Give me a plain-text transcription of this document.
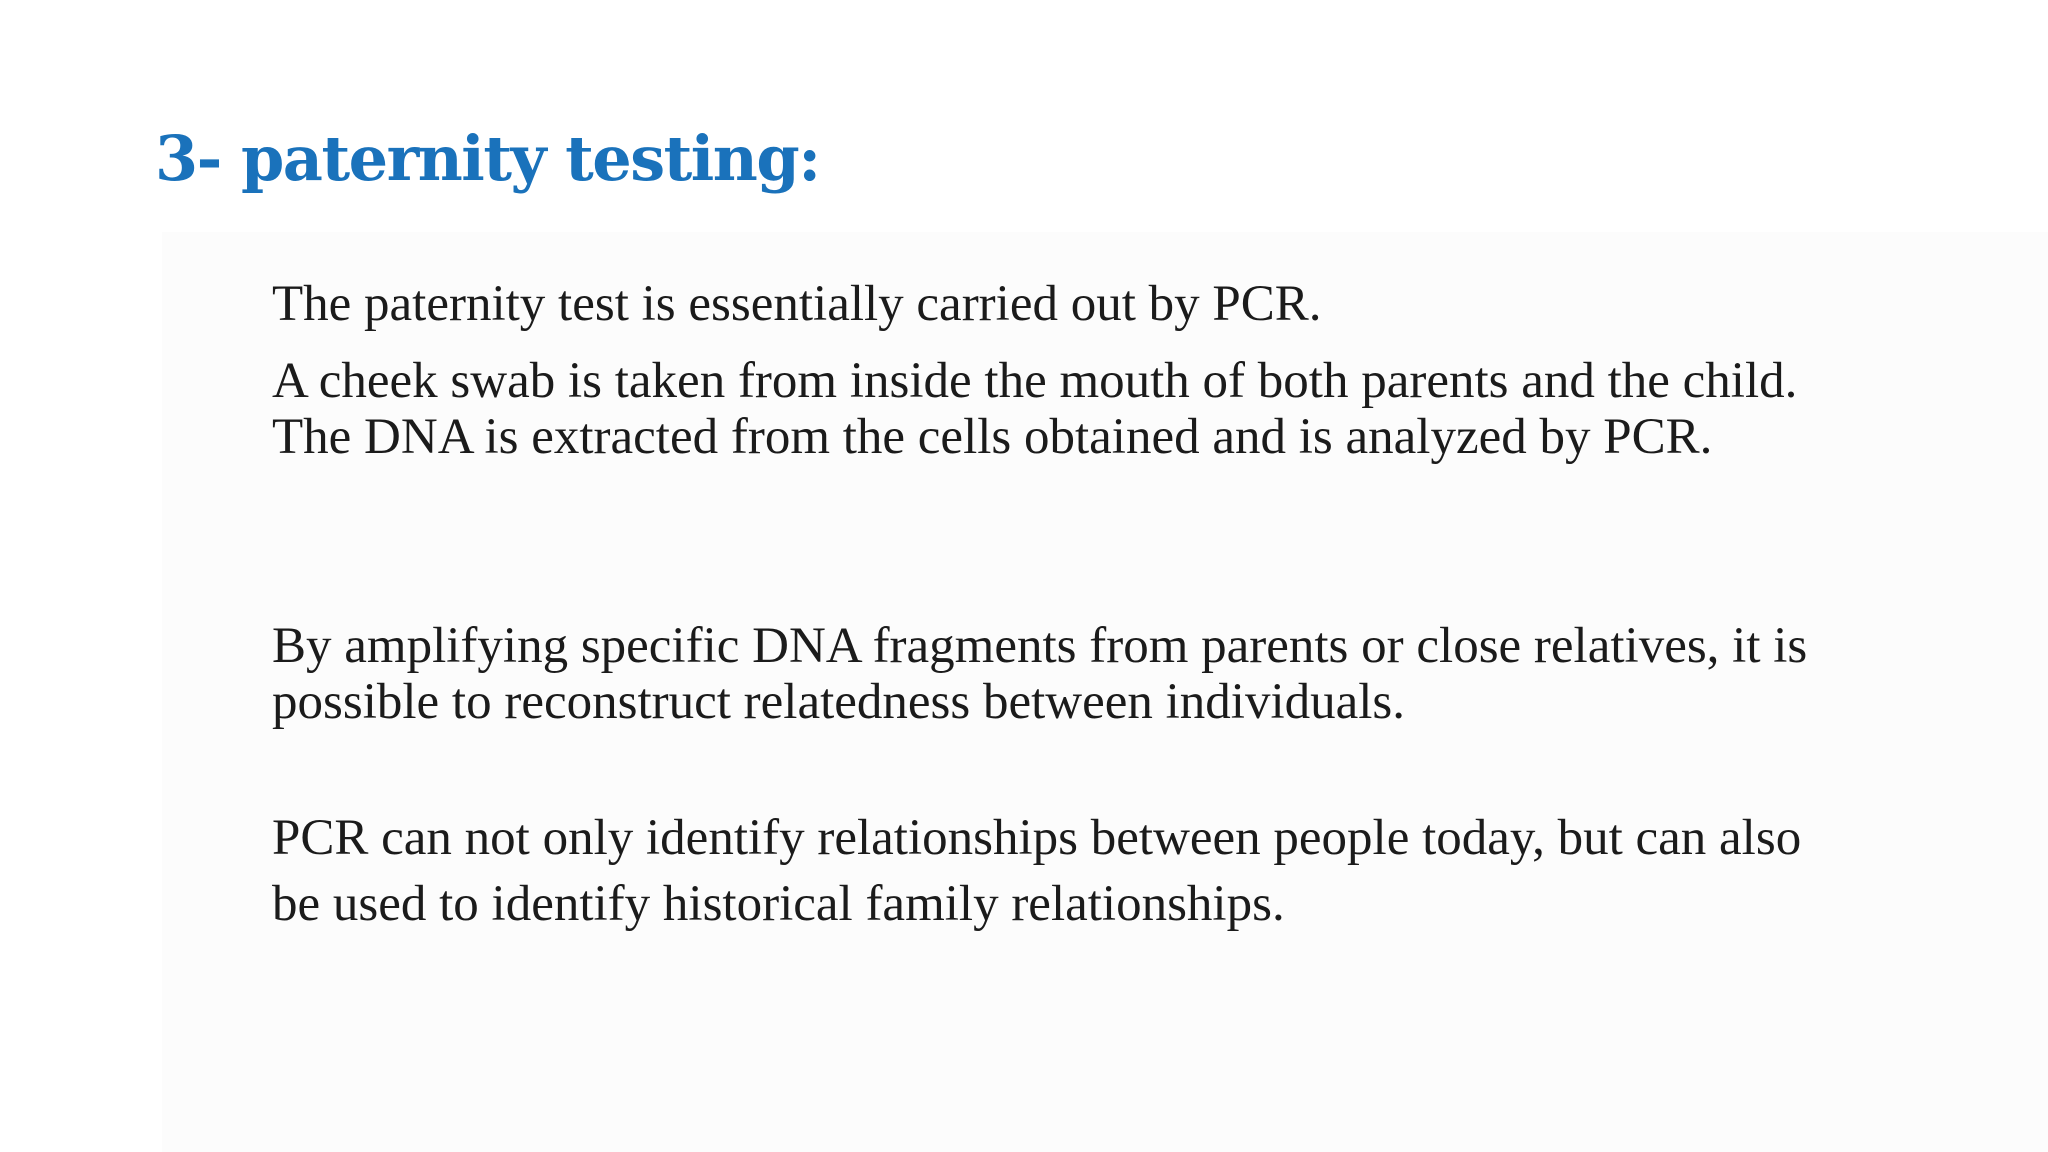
3- paternity testing:

The paternity test is essentially carried out by PCR.

A cheek swab is taken from inside the mouth of both parents and the child. The DNA is extracted from the cells obtained and is analyzed by PCR.

By amplifying specific DNA fragments from parents or close relatives, it is possible to reconstruct relatedness between individuals.

PCR can not only identify relationships between people today, but can also be used to identify historical family relationships.
